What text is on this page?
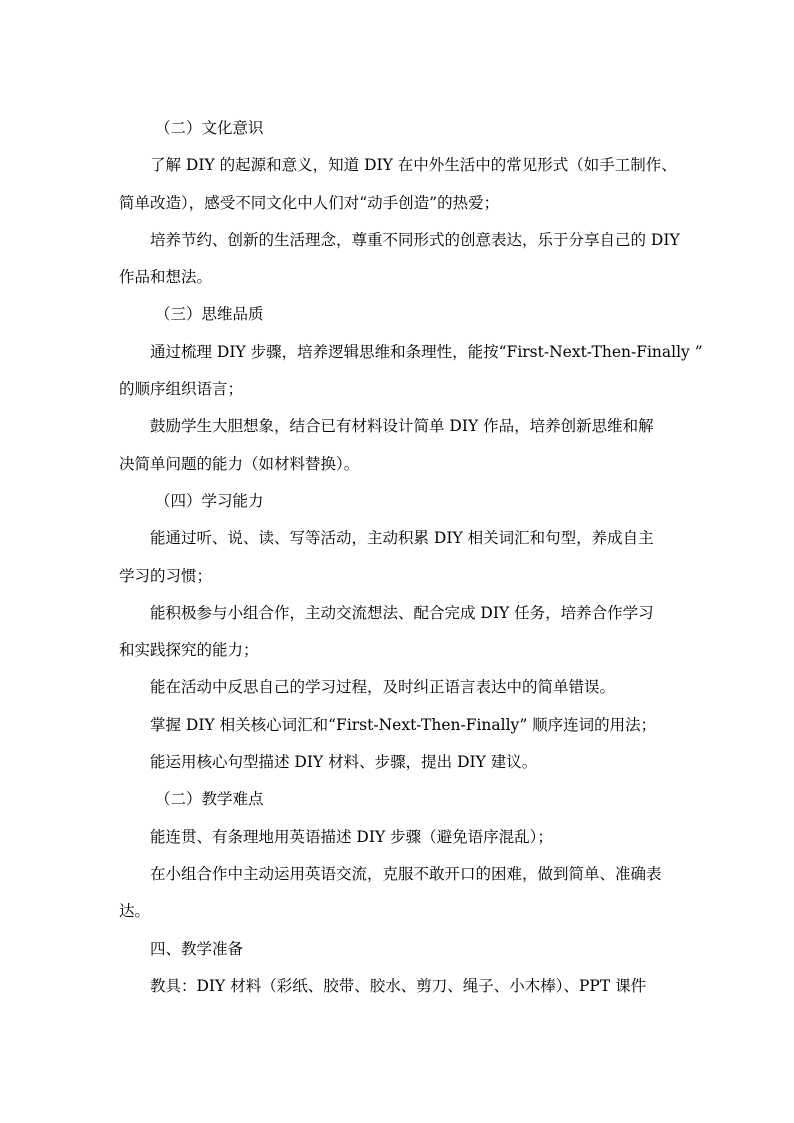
（二）文化意识

了解 DIY 的起源和意义，知道 DIY 在中外生活中的常见形式（如手工制作、

简单改造），感受不同文化中人们对“动手创造”的热爱；

培养节约、创新的生活理念，尊重不同形式的创意表达，乐于分享自己的 DIY

作品和想法。

（三）思维品质

通过梳理 DIY 步骤，培养逻辑思维和条理性，能按“First-Next-Then-Finally ”

的顺序组织语言；

鼓励学生大胆想象，结合已有材料设计简单 DIY 作品，培养创新思维和解

决简单问题的能力（如材料替换）。

（四）学习能力

能通过听、说、读、写等活动，主动积累 DIY 相关词汇和句型，养成自主

学习的习惯；

能积极参与小组合作，主动交流想法、配合完成 DIY 任务，培养合作学习

和实践探究的能力；

能在活动中反思自己的学习过程，及时纠正语言表达中的简单错误。

掌握 DIY 相关核心词汇和“First-Next-Then-Finally” 顺序连词的用法；

能运用核心句型描述 DIY 材料、步骤，提出 DIY 建议。

（二）教学难点

能连贯、有条理地用英语描述 DIY 步骤（避免语序混乱）；

在小组合作中主动运用英语交流，克服不敢开口的困难，做到简单、准确表

达。

四、教学准备

教具：DIY 材料（彩纸、胶带、胶水、剪刀、绳子、小木棒）、PPT 课件
